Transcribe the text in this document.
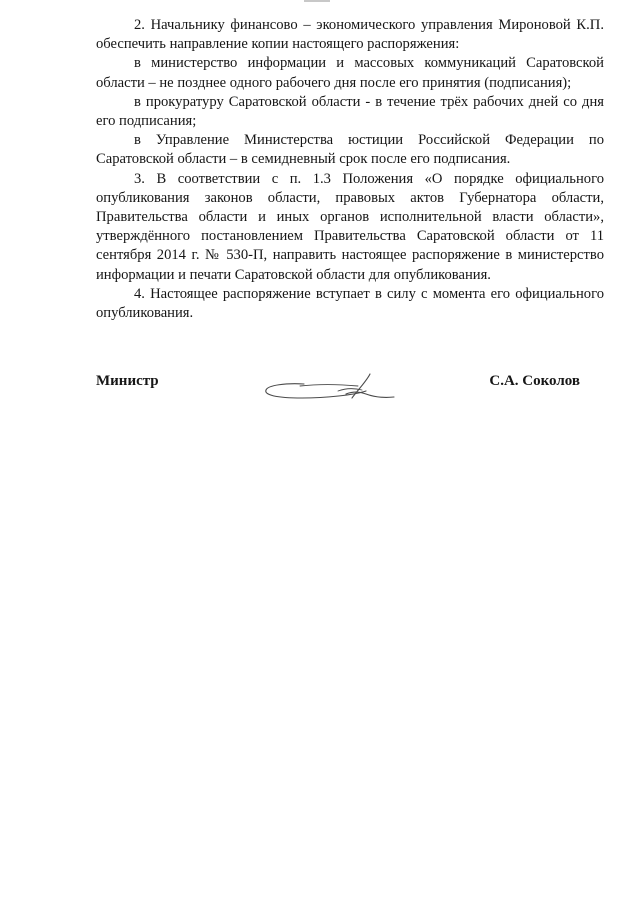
2. Начальнику финансово – экономического управления Мироновой К.П. обеспечить направление копии настоящего распоряжения:

в министерство информации и массовых коммуникаций Саратовской области – не позднее одного рабочего дня после его принятия (подписания);

в прокуратуру Саратовской области - в течение трёх рабочих дней со дня его подписания;

в Управление Министерства юстиции Российской Федерации по Саратовской области – в семидневный срок после его подписания.

3. В соответствии с п. 1.3 Положения «О порядке официального опубликования законов области, правовых актов Губернатора области, Правительства области и иных органов исполнительной власти области», утверждённого постановлением Правительства Саратовской области от 11 сентября 2014 г. № 530-П, направить настоящее распоряжение в министерство информации и печати Саратовской области для опубликования.

4. Настоящее распоряжение вступает в силу с момента его официального опубликования.

Министр	С.А. Соколов
